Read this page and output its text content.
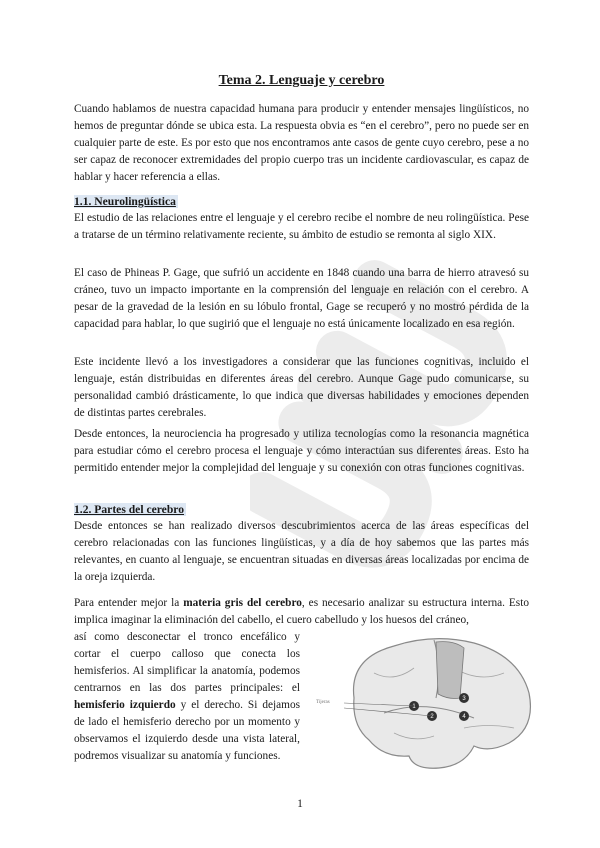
Tema 2. Lenguaje y cerebro

Cuando hablamos de nuestra capacidad humana para producir y entender mensajes lingüísticos, no hemos de preguntar dónde se ubica esta. La respuesta obvia es “en el cerebro”, pero no puede ser en cualquier parte de este. Es por esto que nos encontramos ante casos de gente cuyo cerebro, pese a no ser capaz de reconocer extremidades del propio cuerpo tras un incidente cardiovascular, es capaz de hablar y hacer referencia a ellas.

1.1. Neurolingüística

El estudio de las relaciones entre el lenguaje y el cerebro recibe el nombre de neu rolingüística. Pese a tratarse de un término relativamente reciente, su ámbito de estudio se remonta al siglo XIX.

El caso de Phineas P. Gage, que sufrió un accidente en 1848 cuando una barra de hierro atravesó su cráneo, tuvo un impacto importante en la comprensión del lenguaje en relación con el cerebro. A pesar de la gravedad de la lesión en su lóbulo frontal, Gage se recuperó y no mostró pérdida de la capacidad para hablar, lo que sugirió que el lenguaje no está únicamente localizado en esa región.

Este incidente llevó a los investigadores a considerar que las funciones cognitivas, incluido el lenguaje, están distribuidas en diferentes áreas del cerebro. Aunque Gage pudo comunicarse, su personalidad cambió drásticamente, lo que indica que diversas habilidades y emociones dependen de distintas partes cerebrales.

Desde entonces, la neurociencia ha progresado y utiliza tecnologías como la resonancia magnética para estudiar cómo el cerebro procesa el lenguaje y cómo interactúan sus diferentes áreas. Esto ha permitido entender mejor la complejidad del lenguaje y su conexión con otras funciones cognitivas.

1.2. Partes del cerebro

Desde entonces se han realizado diversos descubrimientos acerca de las áreas específicas del cerebro relacionadas con las funciones lingüísticas, y a día de hoy sabemos que las partes más relevantes, en cuanto al lenguaje, se encuentran situadas en diversas áreas localizadas por encima de la oreja izquierda.

Para entender mejor la materia gris del cerebro, es necesario analizar su estructura interna. Esto implica imaginar la eliminación del cabello, el cuero cabelludo y los huesos del cráneo,

así como desconectar el tronco encefálico y cortar el cuerpo calloso que conecta los hemisferios. Al simplificar la anatomía, podemos centrarnos en las dos partes principales: el hemisferio izquierdo y el derecho. Si dejamos de lado el hemisferio derecho por un momento y observamos el izquierdo desde una vista lateral, podremos visualizar su anatomía y funciones.

1
2
3
4
Tijeras
1
